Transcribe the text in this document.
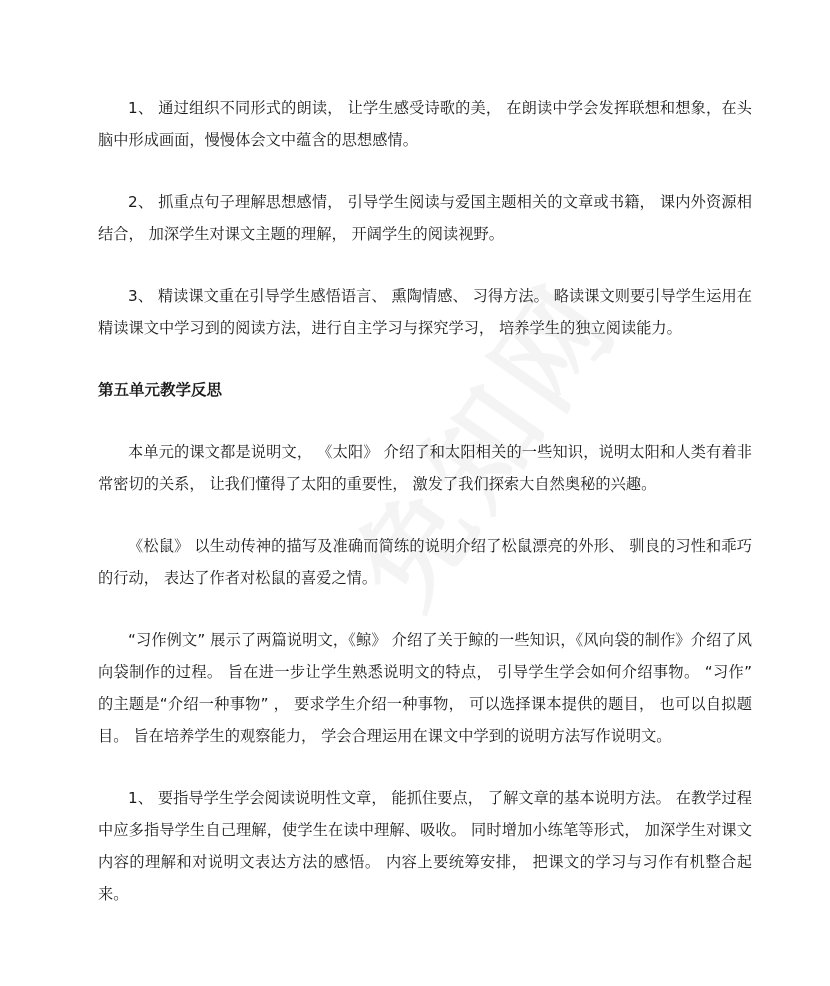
1、 通过组织不同形式的朗读， 让学生感受诗歌的美， 在朗读中学会发挥联想和想象，在头脑中形成画面，慢慢体会文中蕴含的思想感情。

2、 抓重点句子理解思想感情， 引导学生阅读与爱国主题相关的文章或书籍， 课内外资源相结合， 加深学生对课文主题的理解， 开阔学生的阅读视野。

3、 精读课文重在引导学生感悟语言、 熏陶情感、 习得方法。 略读课文则要引导学生运用在精读课文中学习到的阅读方法，进行自主学习与探究学习， 培养学生的独立阅读能力。

第五单元教学反思

本单元的课文都是说明文， 《太阳》 介绍了和太阳相关的一些知识，说明太阳和人类有着非常密切的关系， 让我们懂得了太阳的重要性， 激发了我们探索大自然奥秘的兴趣。

《松鼠》 以生动传神的描写及准确而简练的说明介绍了松鼠漂亮的外形、 驯良的习性和乖巧的行动， 表达了作者对松鼠的喜爱之情。

“习作例文” 展示了两篇说明文，《鲸》 介绍了关于鲸的一些知识，《风向袋的制作》介绍了风向袋制作的过程。 旨在进一步让学生熟悉说明文的特点， 引导学生学会如何介绍事物。 “习作” 的主题是“介绍一种事物” ， 要求学生介绍一种事物， 可以选择课本提供的题目， 也可以自拟题目。 旨在培养学生的观察能力， 学会合理运用在课文中学到的说明方法写作说明文。

1、 要指导学生学会阅读说明性文章， 能抓住要点， 了解文章的基本说明方法。 在教学过程中应多指导学生自己理解，使学生在读中理解、吸收。 同时增加小练笔等形式， 加深学生对课文内容的理解和对说明文表达方法的感悟。 内容上要统筹安排， 把课文的学习与习作有机整合起来。
